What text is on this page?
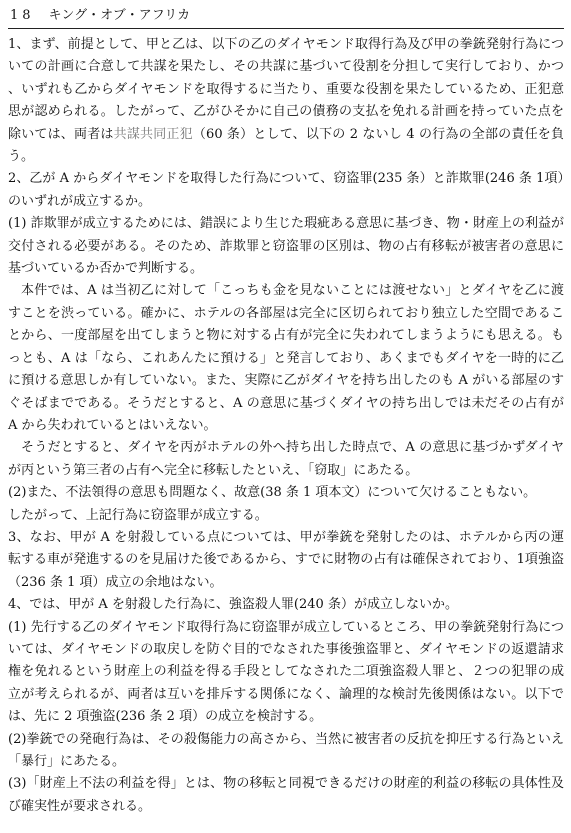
18 キング・オブ・アフリカ

1、まず、前提として、甲と乙は、以下の乙のダイヤモンド取得行為及び甲の拳銃発射行為についての計画に合意して共謀を果たし、その共謀に基づいて役割を分担して実行しており、かつ、いずれも乙からダイヤモンドを取得するに当たり、重要な役割を果たしているため、正犯意思が認められる。したがって、乙がひそかに自己の債務の支払を免れる計画を持っていた点を除いては、両者は共謀共同正犯（60 条）として、以下の 2 ないし 4 の行為の全部の責任を負う。

2、乙が A からダイヤモンドを取得した行為について、窃盗罪(235 条）と詐欺罪(246 条 1項）のいずれが成立するか。

(1) 詐欺罪が成立するためには、錯誤により生じた瑕疵ある意思に基づき、物・財産上の利益が交付される必要がある。そのため、詐欺罪と窃盗罪の区別は、物の占有移転が被害者の意思に基づいているか否かで判断する。

本件では、A は当初乙に対して「こっちも金を見ないことには渡せない」とダイヤを乙に渡すことを渋っている。確かに、ホテルの各部屋は完全に区切られており独立した空間であることから、一度部屋を出てしまうと物に対する占有が完全に失われてしまうようにも思える。もっとも、A は「なら、これあんたに預ける」と発言しており、あくまでもダイヤを一時的に乙に預ける意思しか有していない。また、実際に乙がダイヤを持ち出したのも A がいる部屋のすぐそばまでである。そうだとすると、A の意思に基づくダイヤの持ち出しでは未だその占有が A から失われているとはいえない。

そうだとすると、ダイヤを丙がホテルの外へ持ち出した時点で、A の意思に基づかずダイヤが丙という第三者の占有へ完全に移転したといえ、「窃取」にあたる。

(2)また、不法領得の意思も問題なく、故意(38 条 1 項本文）について欠けることもない。

したがって、上記行為に窃盗罪が成立する。

3、なお、甲が A を射殺している点については、甲が拳銃を発射したのは、ホテルから丙の運転する車が発進するのを見届けた後であるから、すでに財物の占有は確保されており、1項強盗（236 条 1 項）成立の余地はない。

4、では、甲が A を射殺した行為に、強盗殺人罪(240 条）が成立しないか。

(1) 先行する乙のダイヤモンド取得行為に窃盗罪が成立しているところ、甲の拳銃発射行為については、ダイヤモンドの取戻しを防ぐ目的でなされた事後強盗罪と、ダイヤモンドの返還請求権を免れるという財産上の利益を得る手段としてなされた二項強盗殺人罪と、２つの犯罪の成立が考えられるが、両者は互いを排斥する関係になく、論理的な検討先後関係はない。以下では、先に 2 項強盗(236 条 2 項）の成立を検討する。

(2)拳銃での発砲行為は、その殺傷能力の高さから、当然に被害者の反抗を抑圧する行為といえ「暴行」にあたる。

(3)「財産上不法の利益を得」とは、物の移転と同視できるだけの財産的利益の移転の具体性及び確実性が要求される。
